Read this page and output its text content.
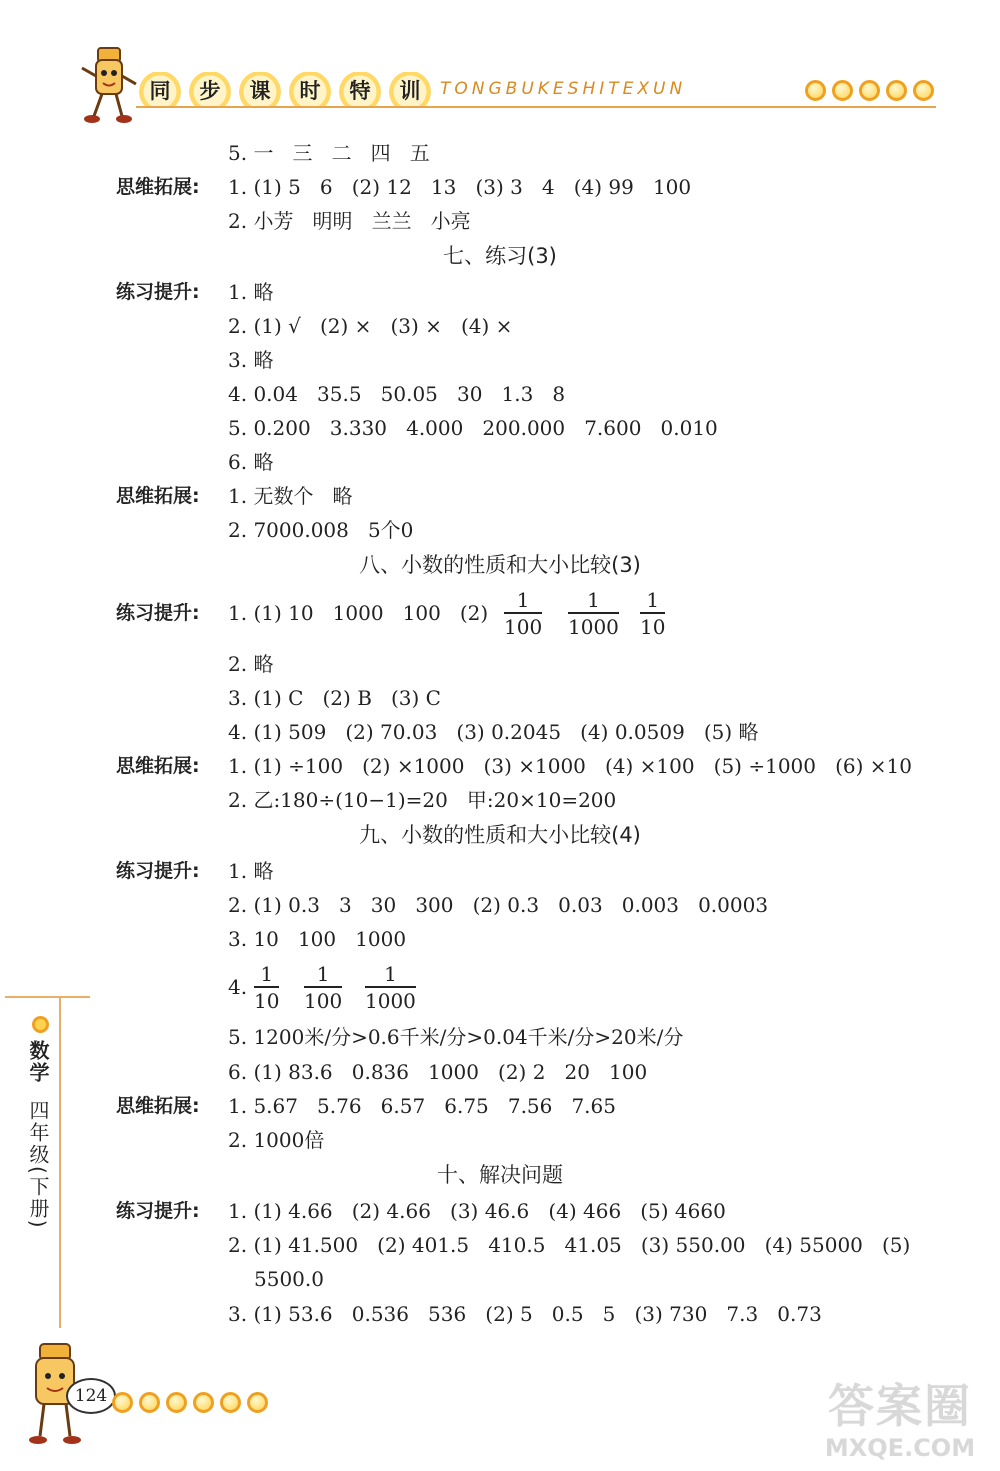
同	步	课	时	特	训	TONGBUKESHITEXUN
5. 一   三   二   四   五
思维拓展: 1. (1) 5   6   (2) 12   13   (3) 3   4   (4) 99   100
2. 小芳   明明   兰兰   小亮
七、练习(3)
练习提升: 1. 略
2. (1) √   (2) ×   (3) ×   (4) ×
3. 略
4. 0.04   35.5   50.05   30   1.3   8
5. 0.200   3.330   4.000   200.000   7.600   0.010
6. 略
思维拓展: 1. 无数个   略
2. 7000.008   5个0
八、小数的性质和大小比较(3)
练习提升: 1. (1) 10   1000   100   (2)
1
100
1
1000
1
10
2. 略
3. (1) C   (2) B   (3) C
4. (1) 509   (2) 70.03   (3) 0.2045   (4) 0.0509   (5) 略
思维拓展: 1. (1) ÷100   (2) ×1000   (3) ×1000   (4) ×100   (5) ÷1000   (6) ×10
2. 乙:180÷(10−1)=20   甲:20×10=200
九、小数的性质和大小比较(4)
练习提升: 1. 略
2. (1) 0.3   3   30   300   (2) 0.3   0.03   0.003   0.0003
3. 10   100   1000
4.
1
10
1
100
1
1000
5. 1200米/分>0.6千米/分>0.04千米/分>20米/分
6. (1) 83.6   0.836   1000   (2) 2   20   100
思维拓展: 1. 5.67   5.76   6.57   6.75   7.56   7.65
2. 1000倍
十、解决问题
练习提升: 1. (1) 4.66   (2) 4.66   (3) 46.6   (4) 466   (5) 4660
2. (1) 41.500   (2) 401.5   410.5   41.05   (3) 550.00   (4) 55000   (5)
5500.0
3. (1) 53.6   0.536   536   (2) 5   0.5   5   (3) 730   7.3   0.73
数学
四年级(下册)
124	答案圈
MXQE.COM
